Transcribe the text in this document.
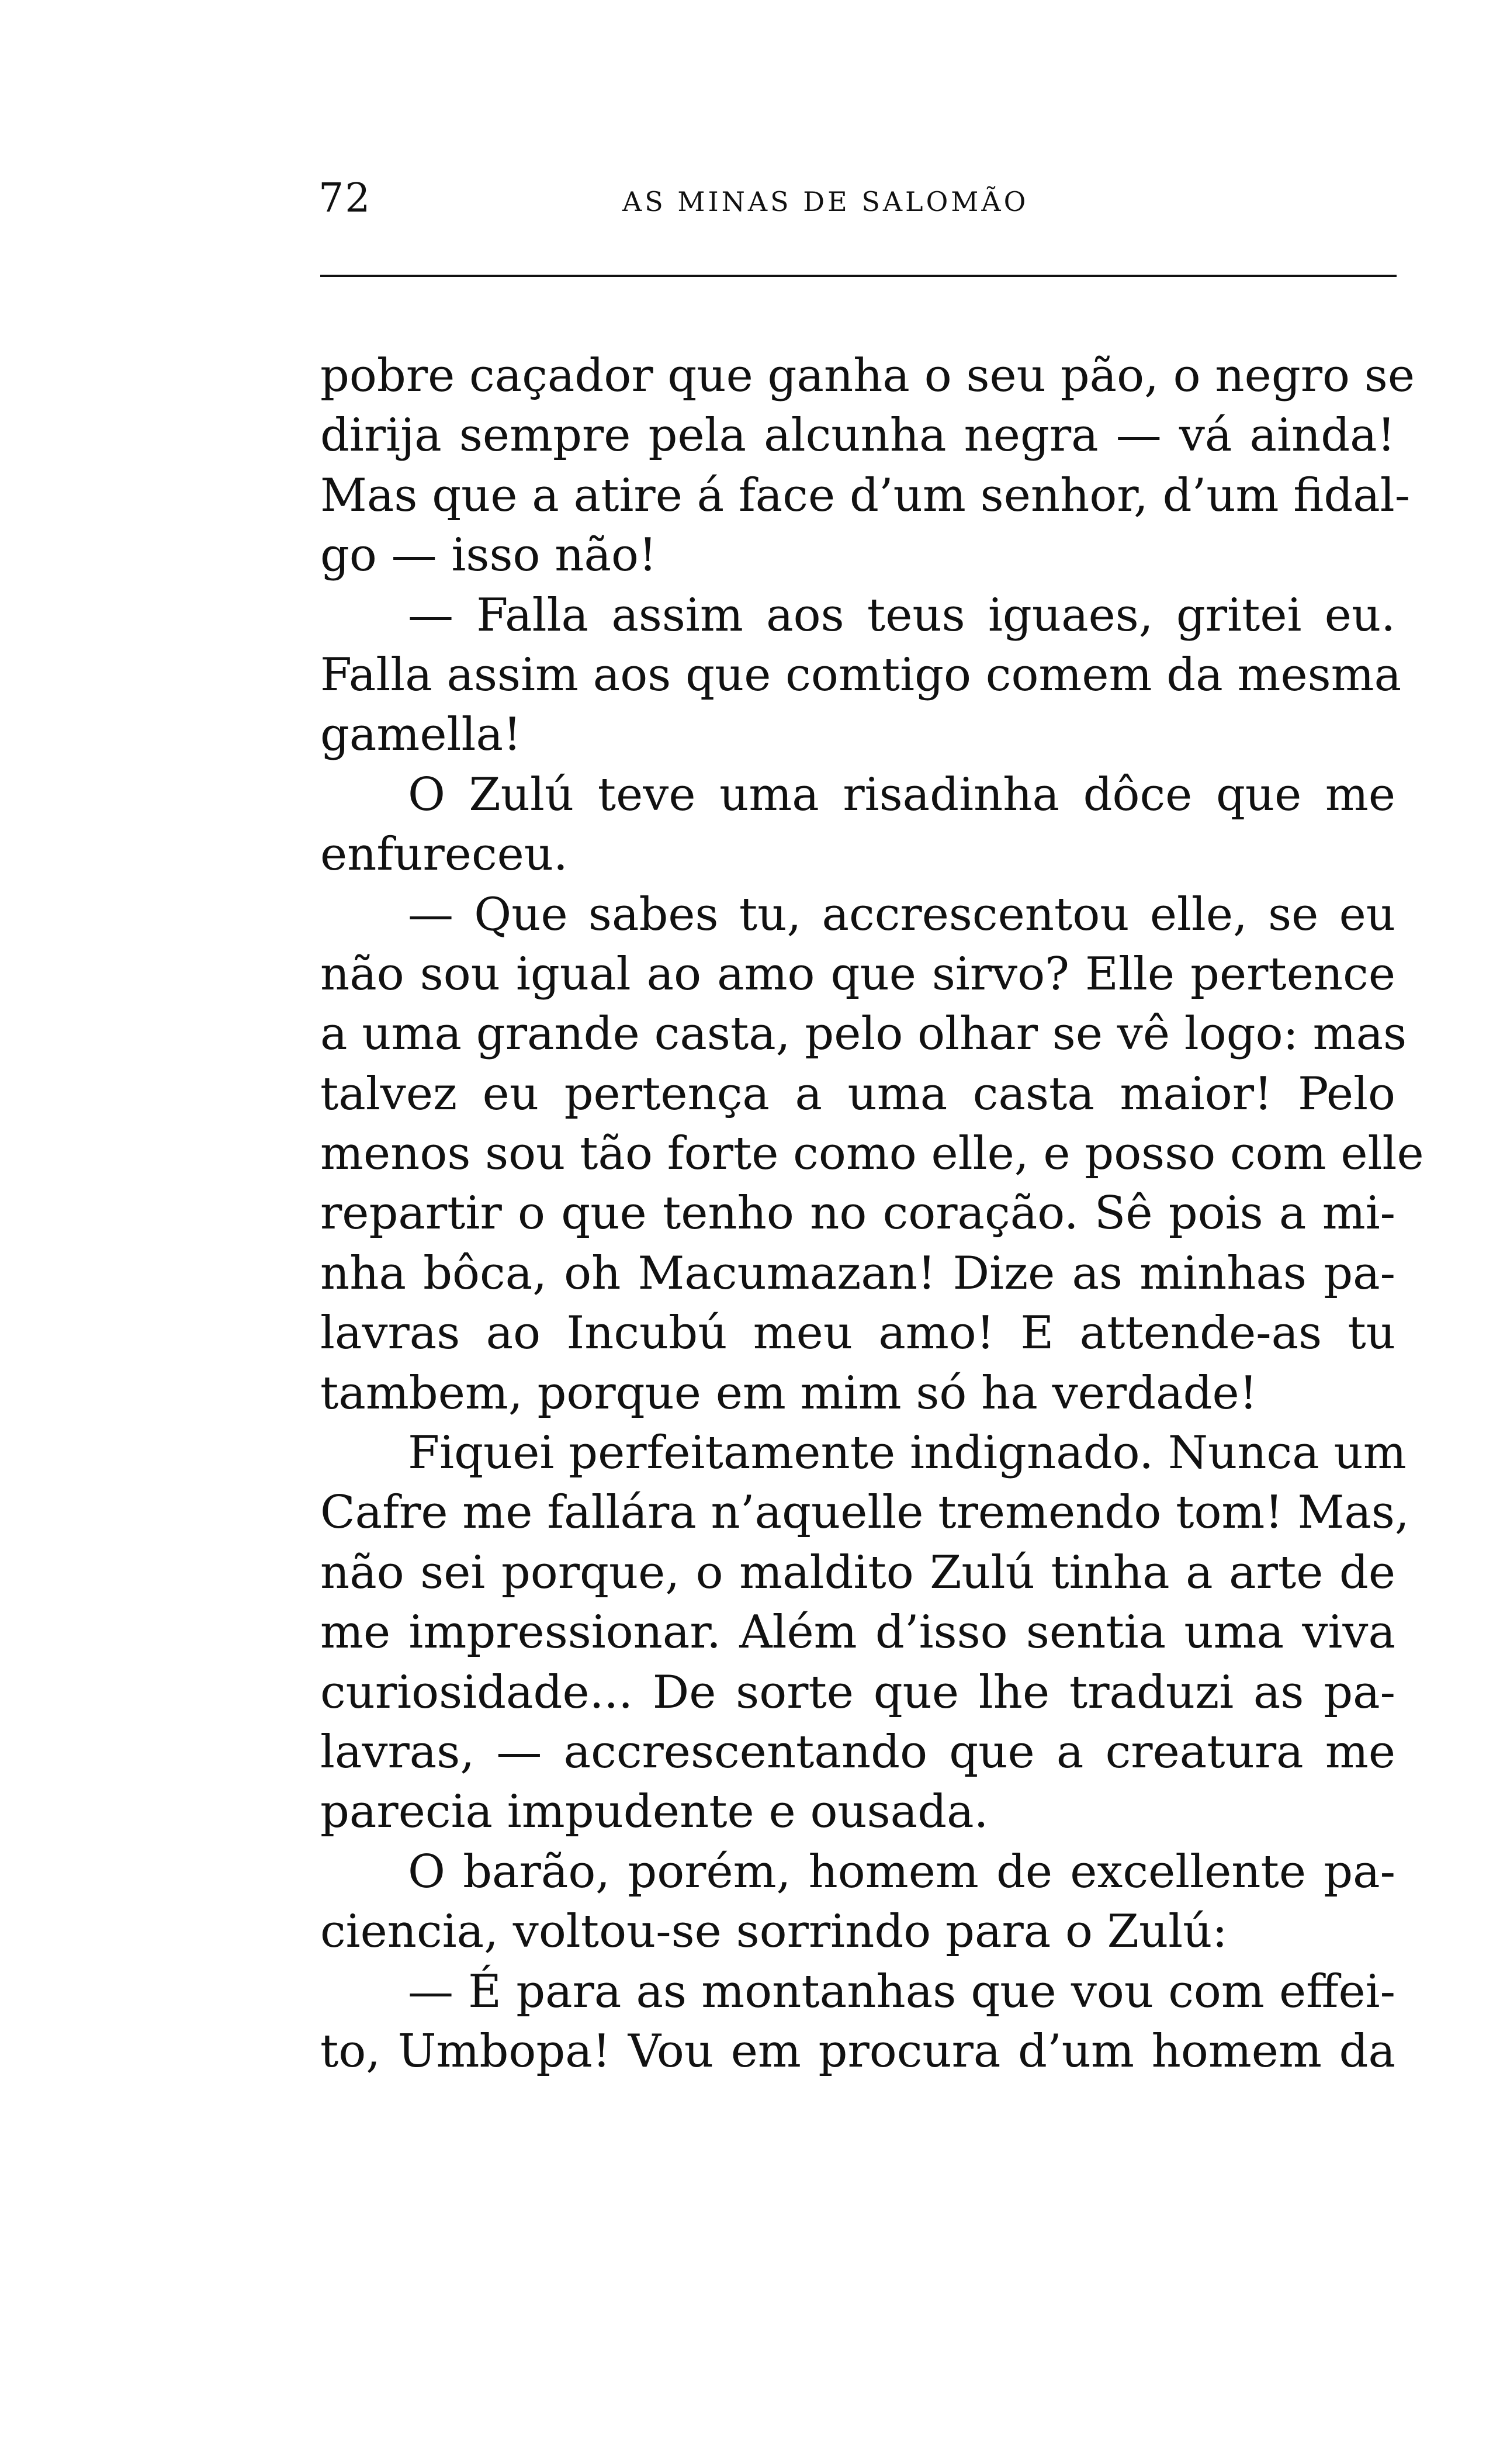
72	AS MINAS DE SALOMÃO
pobre caçador que ganha o seu pão, o negro se
dirija sempre pela alcunha negra — vá ainda!
Mas que a atire á face d’um senhor, d’um fidal-
go — isso não!
— Falla assim aos teus iguaes, gritei eu.
Falla assim aos que comtigo comem da mesma
gamella!
O Zulú teve uma risadinha dôce que me
enfureceu.
— Que sabes tu, accrescentou elle, se eu
não sou igual ao amo que sirvo? Elle pertence
a uma grande casta, pelo olhar se vê logo: mas
talvez eu pertença a uma casta maior! Pelo
menos sou tão forte como elle, e posso com elle
repartir o que tenho no coração. Sê pois a mi-
nha bôca, oh Macumazan! Dize as minhas pa-
lavras ao Incubú meu amo! E attende-as tu
tambem, porque em mim só ha verdade!
Fiquei perfeitamente indignado. Nunca um
Cafre me fallára n’aquelle tremendo tom! Mas,
não sei porque, o maldito Zulú tinha a arte de
me impressionar. Além d’isso sentia uma viva
curiosidade... De sorte que lhe traduzi as pa-
lavras, — accrescentando que a creatura me
parecia impudente e ousada.
O barão, porém, homem de excellente pa-
ciencia, voltou-se sorrindo para o Zulú:
— É para as montanhas que vou com effei-
to, Umbopa! Vou em procura d’um homem da
